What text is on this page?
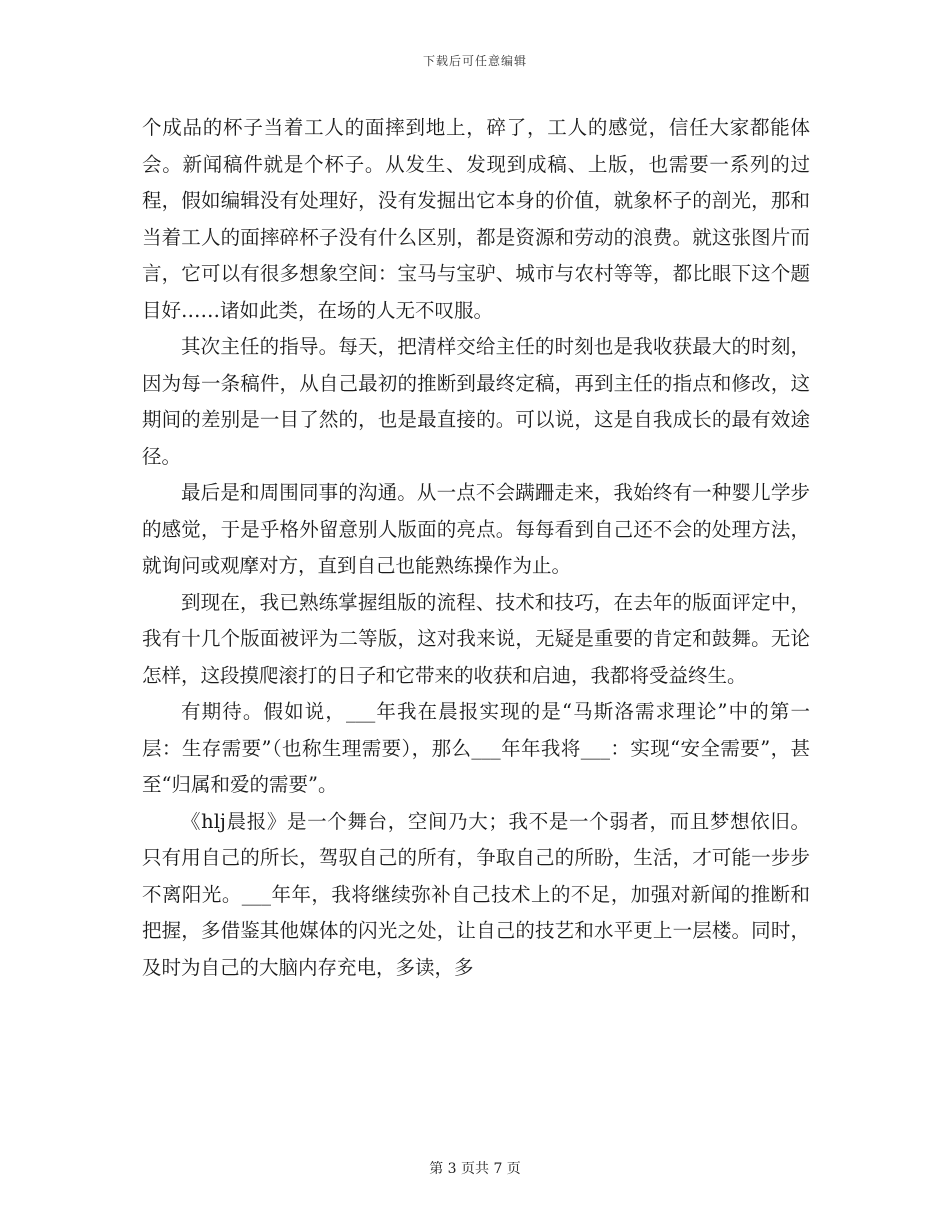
下载后可任意编辑

个成品的杯子当着工人的面摔到地上，碎了，工人的感觉，信任大家都能体会。新闻稿件就是个杯子。从发生、发现到成稿、上版，也需要一系列的过程，假如编辑没有处理好，没有发掘出它本身的价值，就象杯子的剖光，那和当着工人的面摔碎杯子没有什么区别，都是资源和劳动的浪费。就这张图片而言，它可以有很多想象空间：宝马与宝驴、城市与农村等等，都比眼下这个题目好……诸如此类，在场的人无不叹服。

其次主任的指导。每天，把清样交给主任的时刻也是我收获最大的时刻，因为每一条稿件，从自己最初的推断到最终定稿，再到主任的指点和修改，这期间的差别是一目了然的，也是最直接的。可以说，这是自我成长的最有效途径。

最后是和周围同事的沟通。从一点不会蹒跚走来，我始终有一种婴儿学步的感觉，于是乎格外留意别人版面的亮点。每每看到自己还不会的处理方法，就询问或观摩对方，直到自己也能熟练操作为止。

到现在，我已熟练掌握组版的流程、技术和技巧，在去年的版面评定中，我有十几个版面被评为二等版，这对我来说，无疑是重要的肯定和鼓舞。无论怎样，这段摸爬滚打的日子和它带来的收获和启迪，我都将受益终生。

有期待。假如说，___年我在晨报实现的是“马斯洛需求理论”中的第一层：生存需要”（也称生理需要），那么___年年我将___：实现“安全需要”，甚至“归属和爱的需要”。

《hlj晨报》是一个舞台，空间乃大；我不是一个弱者，而且梦想依旧。只有用自己的所长，驾驭自己的所有，争取自己的所盼，生活，才可能一步步不离阳光。___年年，我将继续弥补自己技术上的不足，加强对新闻的推断和把握，多借鉴其他媒体的闪光之处，让自己的技艺和水平更上一层楼。同时，及时为自己的大脑内存充电，多读，多

第 3 页共 7 页
